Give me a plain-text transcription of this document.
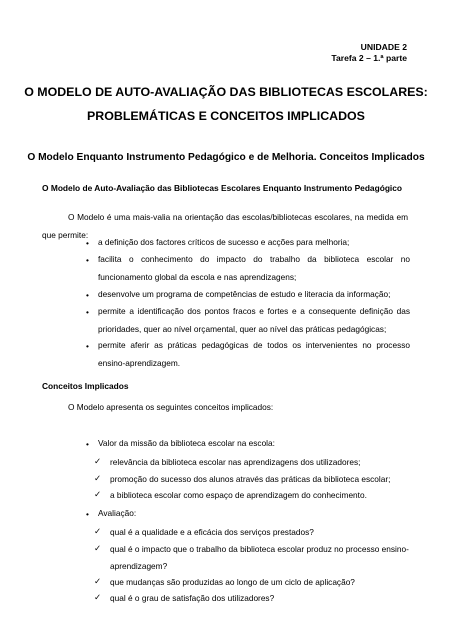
UNIDADE 2
Tarefa 2 – 1.ª parte
O MODELO DE AUTO-AVALIAÇÃO DAS BIBLIOTECAS ESCOLARES:
PROBLEMÁTICAS E CONCEITOS IMPLICADOS
O Modelo Enquanto Instrumento Pedagógico e de Melhoria. Conceitos Implicados
O Modelo de Auto-Avaliação das Bibliotecas Escolares Enquanto Instrumento Pedagógico
O Modelo é uma mais-valia na orientação das escolas/bibliotecas escolares, na medida em que permite:
• a definição dos factores críticos de sucesso e acções para melhoria;
• facilita o conhecimento do impacto do trabalho da biblioteca escolar no funcionamento global da escola e nas aprendizagens;
• desenvolve um programa de competências de estudo e literacia da informação;
• permite a identificação dos pontos fracos e fortes e a consequente definição das prioridades, quer ao nível orçamental, quer ao nível das práticas pedagógicas;
• permite aferir as práticas pedagógicas de todos os intervenientes no processo ensino-aprendizagem.
Conceitos Implicados
O Modelo apresenta os seguintes conceitos implicados:
• Valor da missão da biblioteca escolar na escola:
✓ relevância da biblioteca escolar nas aprendizagens dos utilizadores;
✓ promoção do sucesso dos alunos através das práticas da biblioteca escolar;
✓ a biblioteca escolar como espaço de aprendizagem do conhecimento.
• Avaliação:
✓ qual é a qualidade e a eficácia dos serviços prestados?
✓ qual é o impacto que o trabalho da biblioteca escolar produz no processo ensino-aprendizagem?
✓ que mudanças são produzidas ao longo de um ciclo de aplicação?
✓ qual é o grau de satisfação dos utilizadores?
